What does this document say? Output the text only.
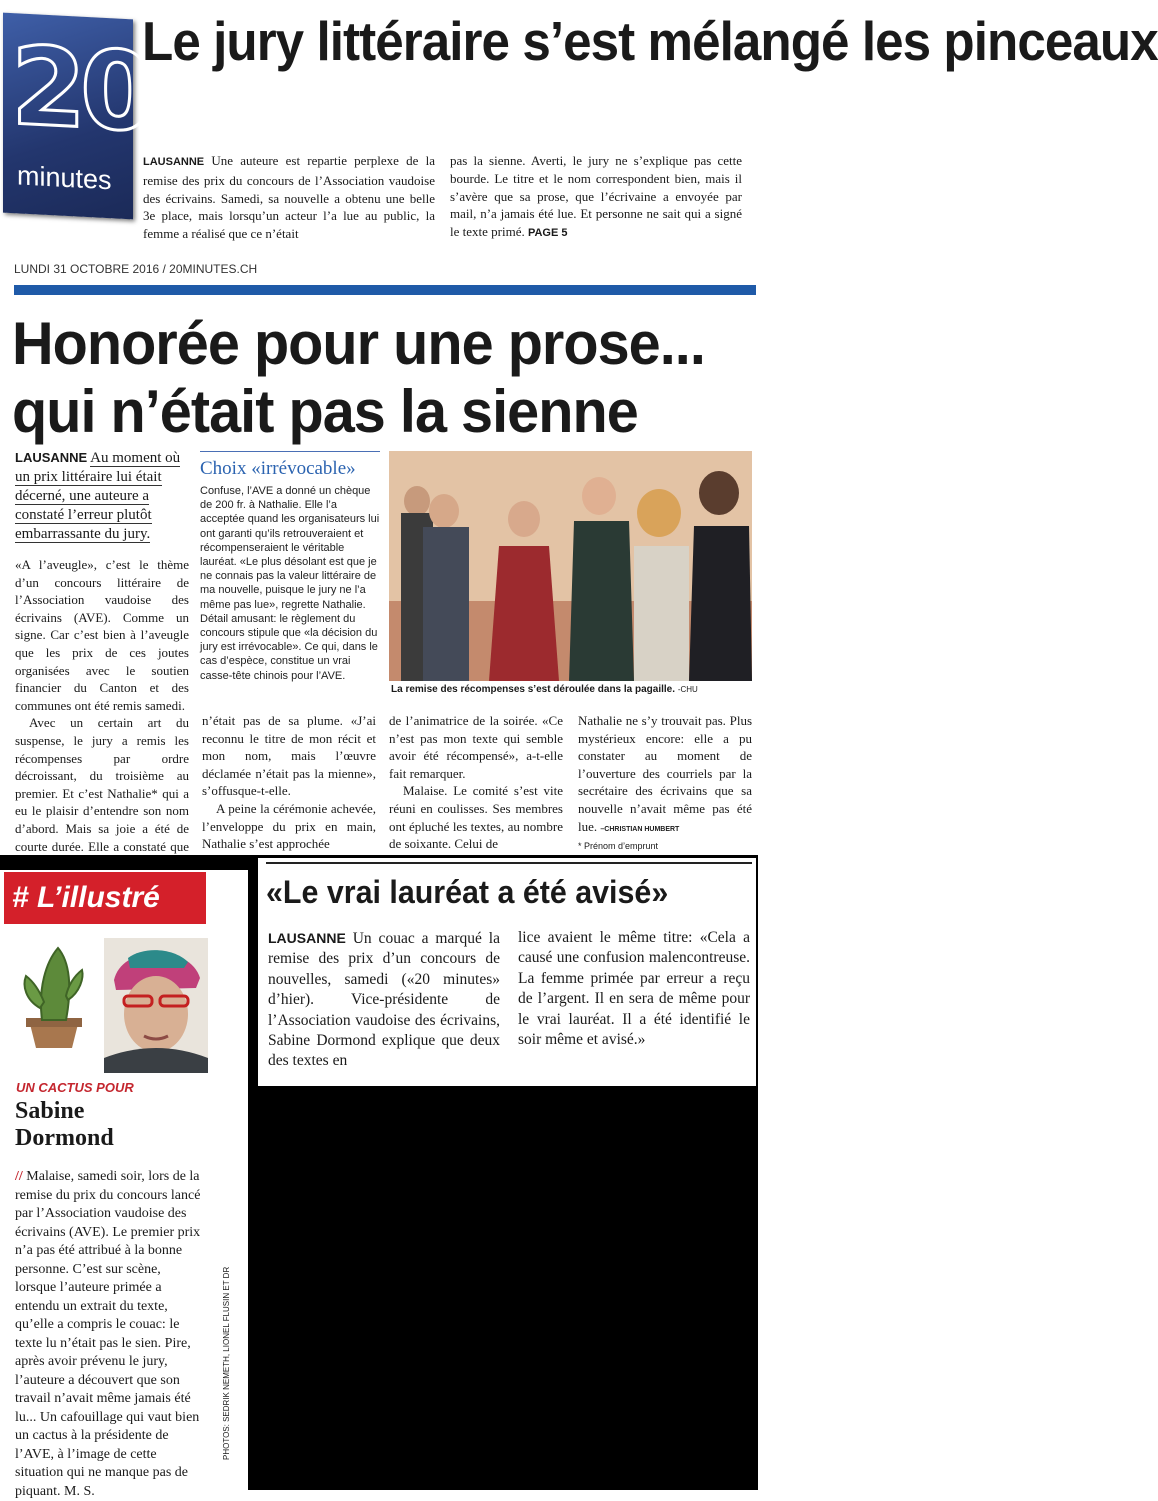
20
minutes
Le jury littéraire s’est mélangé les pinceaux
LAUSANNE Une auteure est repartie perplexe de la remise des prix du concours de l’Association vaudoise des écrivains. Samedi, sa nouvelle a obtenu une belle 3e place, mais lorsqu’un acteur l’a lue au public, la femme a réalisé que ce n’était
pas la sienne. Averti, le jury ne s’explique pas cette bourde. Le titre et le nom correspondent bien, mais il s’avère que sa prose, que l’écrivaine a envoyée par mail, n’a jamais été lue. Et personne ne sait qui a signé le texte primé. PAGE 5
LUNDI 31 OCTOBRE 2016 / 20MINUTES.CH
Honorée pour une prose...
qui n’était pas la sienne
LAUSANNE Au moment où un prix littéraire lui était décerné, une auteure a constaté l’erreur plutôt embarrassante du jury.
Choix «irrévocable»
Confuse, l’AVE a donné un chèque de 200 fr. à Nathalie. Elle l’a acceptée quand les organisateurs lui ont garanti qu’ils retrouveraient et récompenseraient le véritable lauréat. «Le plus désolant est que je ne connais pas la valeur littéraire de ma nouvelle, puisque le jury ne l’a même pas lue», regrette Nathalie. Détail amusant: le règlement du concours stipule que «la décision du jury est irrévocable». Ce qui, dans le cas d’espèce, constitue un vrai casse-tête chinois pour l’AVE.
La remise des récompenses s’est déroulée dans la pagaille. -CHU

«A l’aveugle», c’est le thème d’un concours littéraire de l’Association vaudoise des écrivains (AVE). Comme un signe. Car c’est bien à l’aveugle que les prix de ces joutes organisées avec le soutien financier du Canton et des communes ont été remis samedi.

Avec un certain art du suspense, le jury a remis les récompenses par ordre décroissant, du troisième au premier. Et c’est Nathalie* qui a eu le plaisir d’entendre son nom d’abord. Mais sa joie a été de courte durée. Elle a constaté que

n’était pas de sa plume. «J’ai reconnu le titre de mon récit et mon nom, mais l’œuvre déclamée n’était pas la mienne», s’offusque-t-elle.

A peine la cérémonie achevée, l’enveloppe du prix en main, Nathalie s’est approchée

de l’animatrice de la soirée. «Ce n’est pas mon texte qui semble avoir été récompensé», a-t-elle fait remarquer.

Malaise. Le comité s’est vite réuni en coulisses. Ses membres ont épluché les textes, au nombre de soixante. Celui de

Nathalie ne s’y trouvait pas. Plus mystérieux encore: elle a pu constater au moment de l’ouverture des courriels par la secrétaire des écrivains que sa nouvelle n’avait même pas été lue. –CHRISTIAN HUMBERT

* Prénom d’emprunt
# L’illustré
UN CACTUS POUR
Sabine
Dormond
// Malaise, samedi soir, lors de la remise du prix du concours lancé par l’Association vaudoise des écrivains (AVE). Le premier prix n’a pas été attribué à la bonne personne. C’est sur scène, lorsque l’auteure primée a entendu un extrait du texte, qu’elle a compris le couac: le texte lu n’était pas le sien. Pire, après avoir prévenu le jury, l’auteure a découvert que son travail n’avait même jamais été lu... Un cafouillage qui vaut bien un cactus à la présidente de l’AVE, à l’image de cette situation qui ne manque pas de piquant. M. S.
PHOTOS: SEDRIK NEMETH, LIONEL FLUSIN ET DR
«Le vrai lauréat a été avisé»
LAUSANNE Un couac a marqué la remise des prix d’un concours de nouvelles, samedi («20 minutes» d’hier). Vice-présidente de l’Association vaudoise des écrivains, Sabine Dormond explique que deux des textes en
lice avaient le même titre: «Cela a causé une confusion malencontreuse. La femme primée par erreur a reçu de l’argent. Il en sera de même pour le vrai lauréat. Il a été identifié le soir même et avisé.»
